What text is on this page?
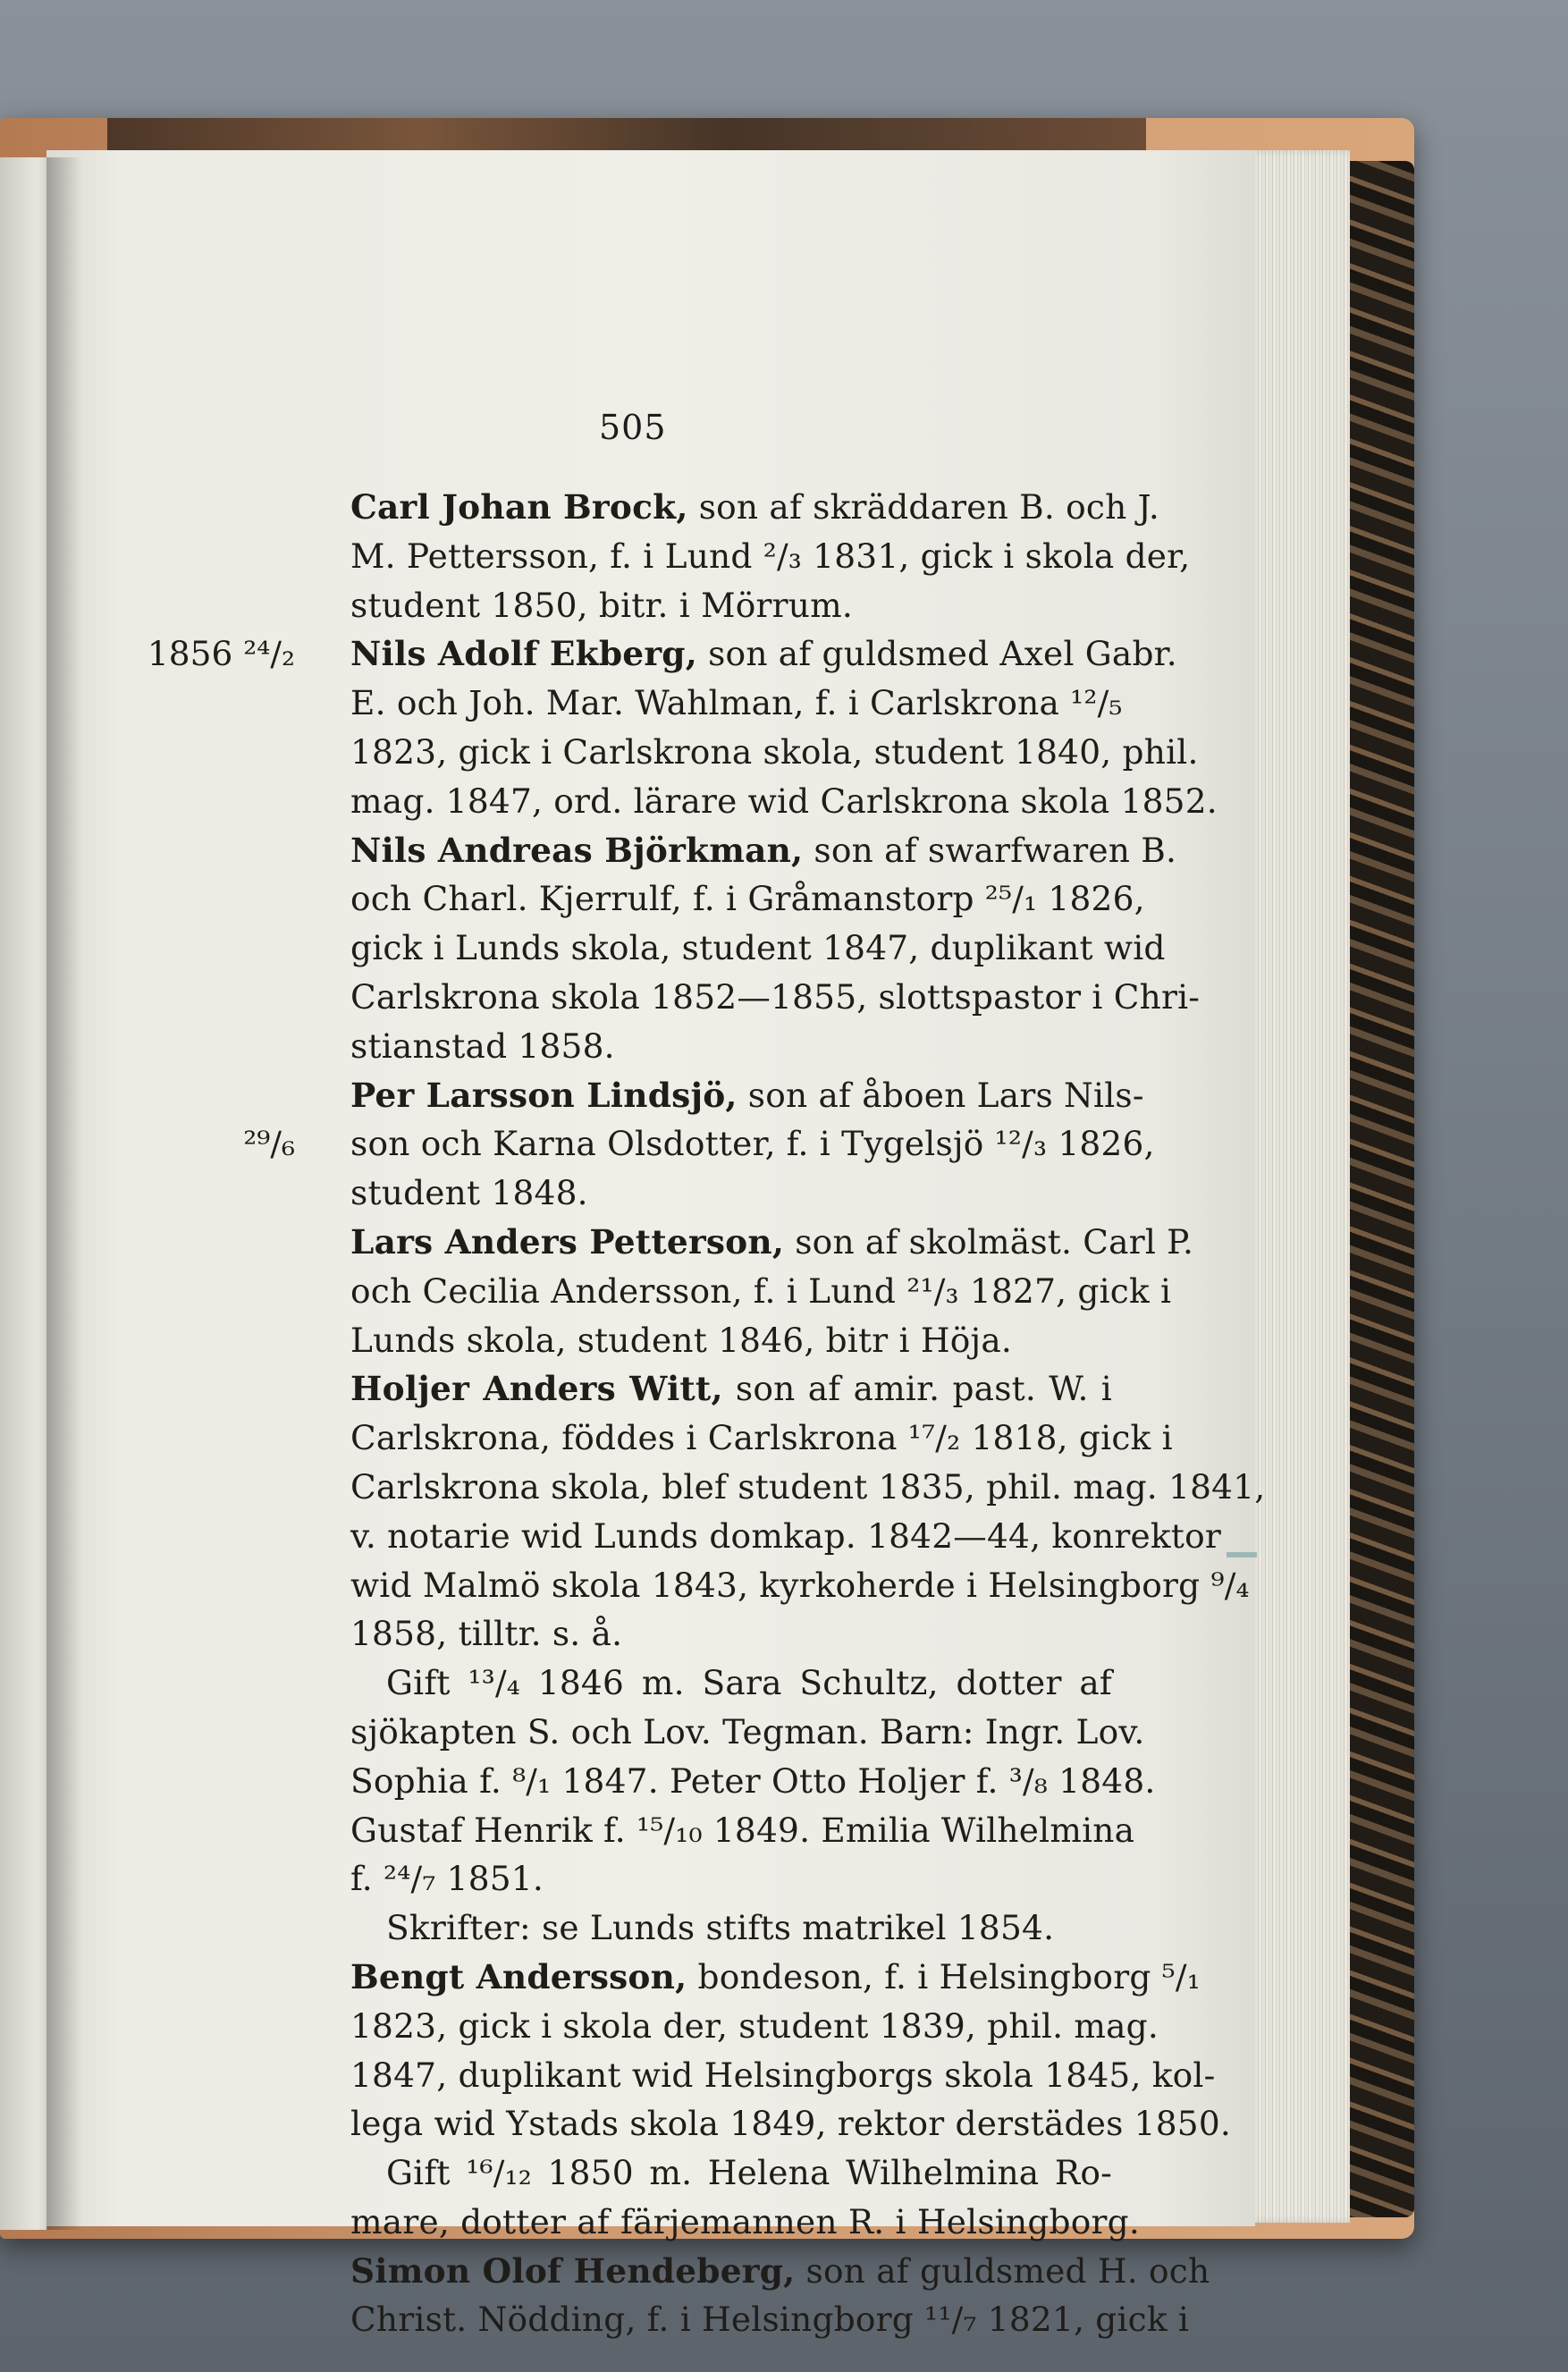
505
Carl Johan Brock, son af skräddaren B. och J.
M. Pettersson, f. i Lund ²/₃ 1831, gick i skola der,
student 1850, bitr. i Mörrum.
Nils Adolf Ekberg, son af guldsmed Axel Gabr.
E. och Joh. Mar. Wahlman, f. i Carlskrona ¹²/₅
1823, gick i Carlskrona skola, student 1840, phil.
mag. 1847, ord. lärare wid Carlskrona skola 1852.
Nils Andreas Björkman, son af swarfwaren B.
och Charl. Kjerrulf, f. i Gråmanstorp ²⁵/₁ 1826,
gick i Lunds skola, student 1847, duplikant wid
Carlskrona skola 1852—1855, slottspastor i Chri-
stianstad 1858.
Per Larsson Lindsjö, son af åboen Lars Nils-
son och Karna Olsdotter, f. i Tygelsjö ¹²/₃ 1826,
student 1848.
Lars Anders Petterson, son af skolmäst. Carl P.
och Cecilia Andersson, f. i Lund ²¹/₃ 1827, gick i
Lunds skola, student 1846, bitr i Höja.
Holjer Anders Witt, son af amir. past. W. i
Carlskrona, föddes i Carlskrona ¹⁷/₂ 1818, gick i
Carlskrona skola, blef student 1835, phil. mag. 1841,
v. notarie wid Lunds domkap. 1842—44, konrektor
wid Malmö skola 1843, kyrkoherde i Helsingborg ⁹/₄
1858, tilltr. s. å.
Gift ¹³/₄ 1846 m. Sara Schultz, dotter af
sjökapten S. och Lov. Tegman. Barn: Ingr. Lov.
Sophia f. ⁸/₁ 1847. Peter Otto Holjer f. ³/₈ 1848.
Gustaf Henrik f. ¹⁵/₁₀ 1849. Emilia Wilhelmina
f. ²⁴/₇ 1851.
Skrifter: se Lunds stifts matrikel 1854.
Bengt Andersson, bondeson, f. i Helsingborg ⁵/₁
1823, gick i skola der, student 1839, phil. mag.
1847, duplikant wid Helsingborgs skola 1845, kol-
lega wid Ystads skola 1849, rektor derstädes 1850.
Gift ¹⁶/₁₂ 1850 m. Helena Wilhelmina Ro-
mare, dotter af färjemannen R. i Helsingborg.
Simon Olof Hendeberg, son af guldsmed H. och
Christ. Nödding, f. i Helsingborg ¹¹/₇ 1821, gick i
1856 ²⁴/₂
²⁹/₆
